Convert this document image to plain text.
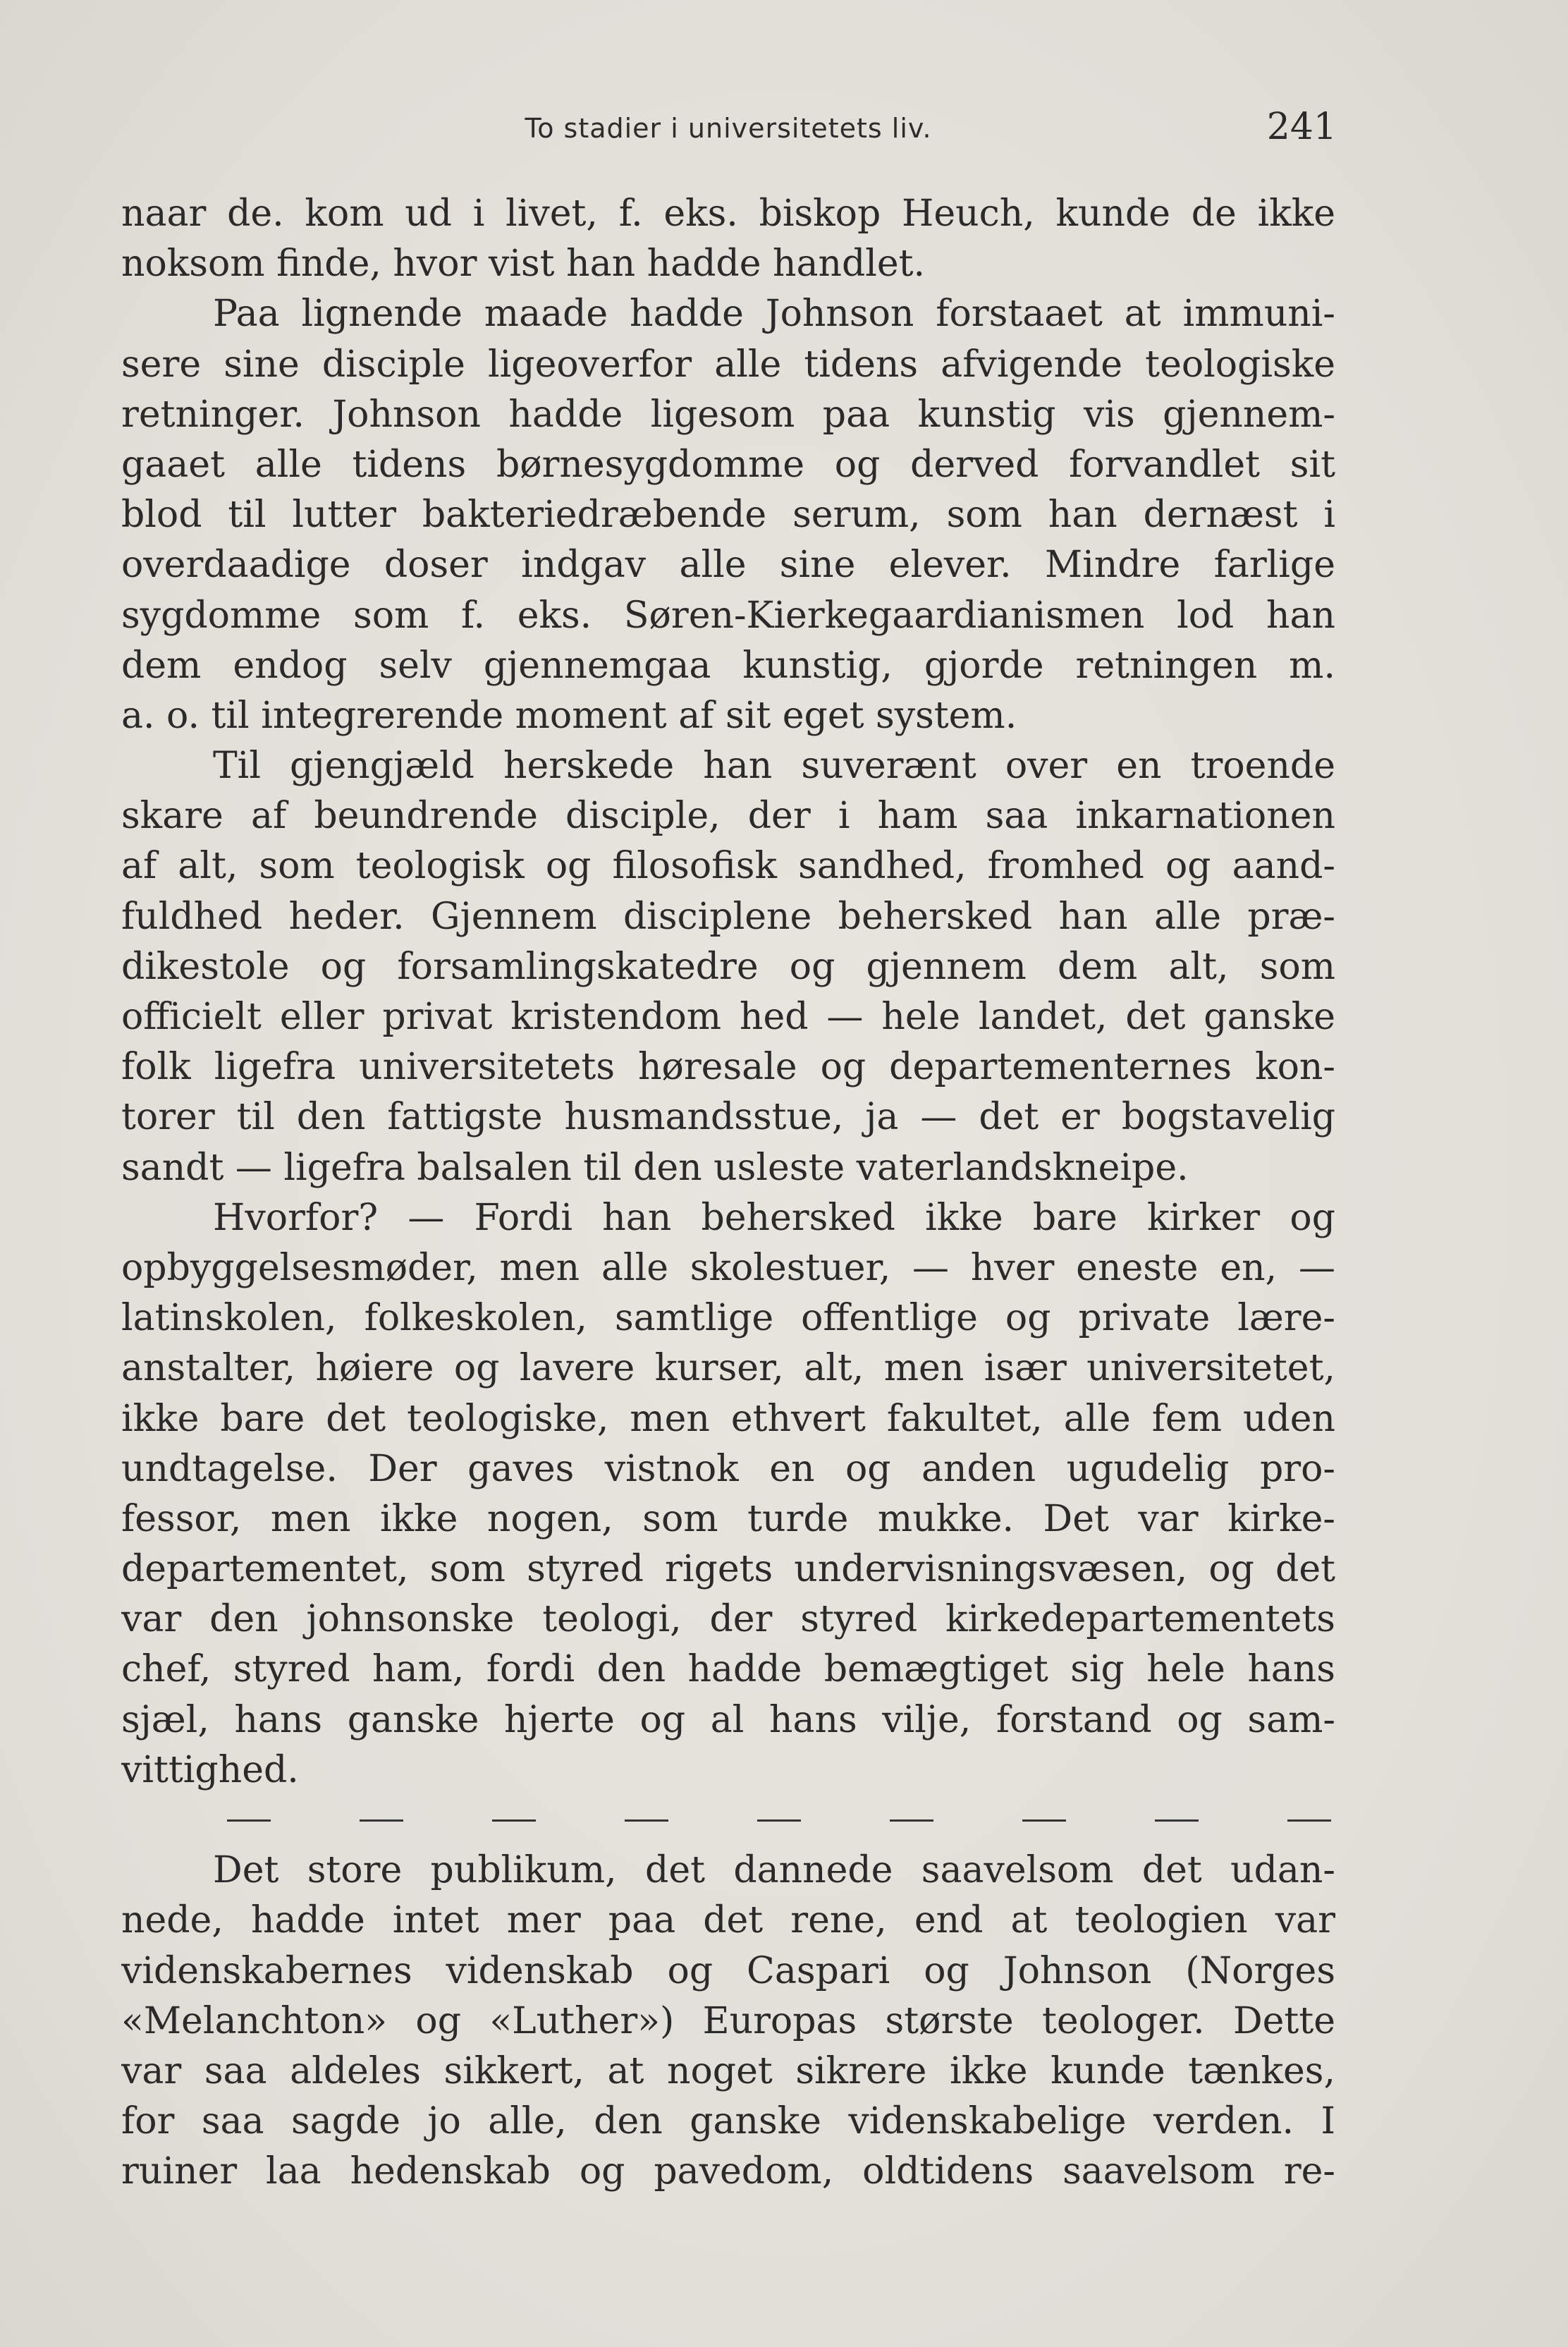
To stadier i universitetets liv.	241
naar de. kom ud i livet, f. eks. biskop Heuch, kunde de ikke
noksom finde, hvor vist han hadde handlet.
Paa lignende maade hadde Johnson forstaaet at immuni-
sere sine disciple ligeoverfor alle tidens afvigende teologiske
retninger. Johnson hadde ligesom paa kunstig vis gjennem-
gaaet alle tidens børnesygdomme og derved forvandlet sit
blod til lutter bakteriedræbende serum, som han dernæst i
overdaadige doser indgav alle sine elever. Mindre farlige
sygdomme som f. eks. Søren-Kierkegaardianismen lod han
dem endog selv gjennemgaa kunstig, gjorde retningen m.
a. o. til integrerende moment af sit eget system.
Til gjengjæld herskede han suverænt over en troende
skare af beundrende disciple, der i ham saa inkarnationen
af alt, som teologisk og filosofisk sandhed, fromhed og aand-
fuldhed heder. Gjennem disciplene behersked han alle præ-
dikestole og forsamlingskatedre og gjennem dem alt, som
officielt eller privat kristendom hed — hele landet, det ganske
folk ligefra universitetets høresale og departementernes kon-
torer til den fattigste husmandsstue, ja — det er bogstavelig
sandt — ligefra balsalen til den usleste vaterlandskneipe.
Hvorfor? — Fordi han behersked ikke bare kirker og
opbyggelsesmøder, men alle skolestuer, — hver eneste en, —
latinskolen, folkeskolen, samtlige offentlige og private lære-
anstalter, høiere og lavere kurser, alt, men især universitetet,
ikke bare det teologiske, men ethvert fakultet, alle fem uden
undtagelse. Der gaves vistnok en og anden ugudelig pro-
fessor, men ikke nogen, som turde mukke. Det var kirke-
departementet, som styred rigets undervisningsvæsen, og det
var den johnsonske teologi, der styred kirkedepartementets
chef, styred ham, fordi den hadde bemægtiget sig hele hans
sjæl, hans ganske hjerte og al hans vilje, forstand og sam-
vittighed.
Det store publikum, det dannede saavelsom det udan-
nede, hadde intet mer paa det rene, end at teologien var
videnskabernes videnskab og Caspari og Johnson (Norges
«Melanchton» og «Luther») Europas største teologer. Dette
var saa aldeles sikkert, at noget sikrere ikke kunde tænkes,
for saa sagde jo alle, den ganske videnskabelige verden. I
ruiner laa hedenskab og pavedom, oldtidens saavelsom re-
